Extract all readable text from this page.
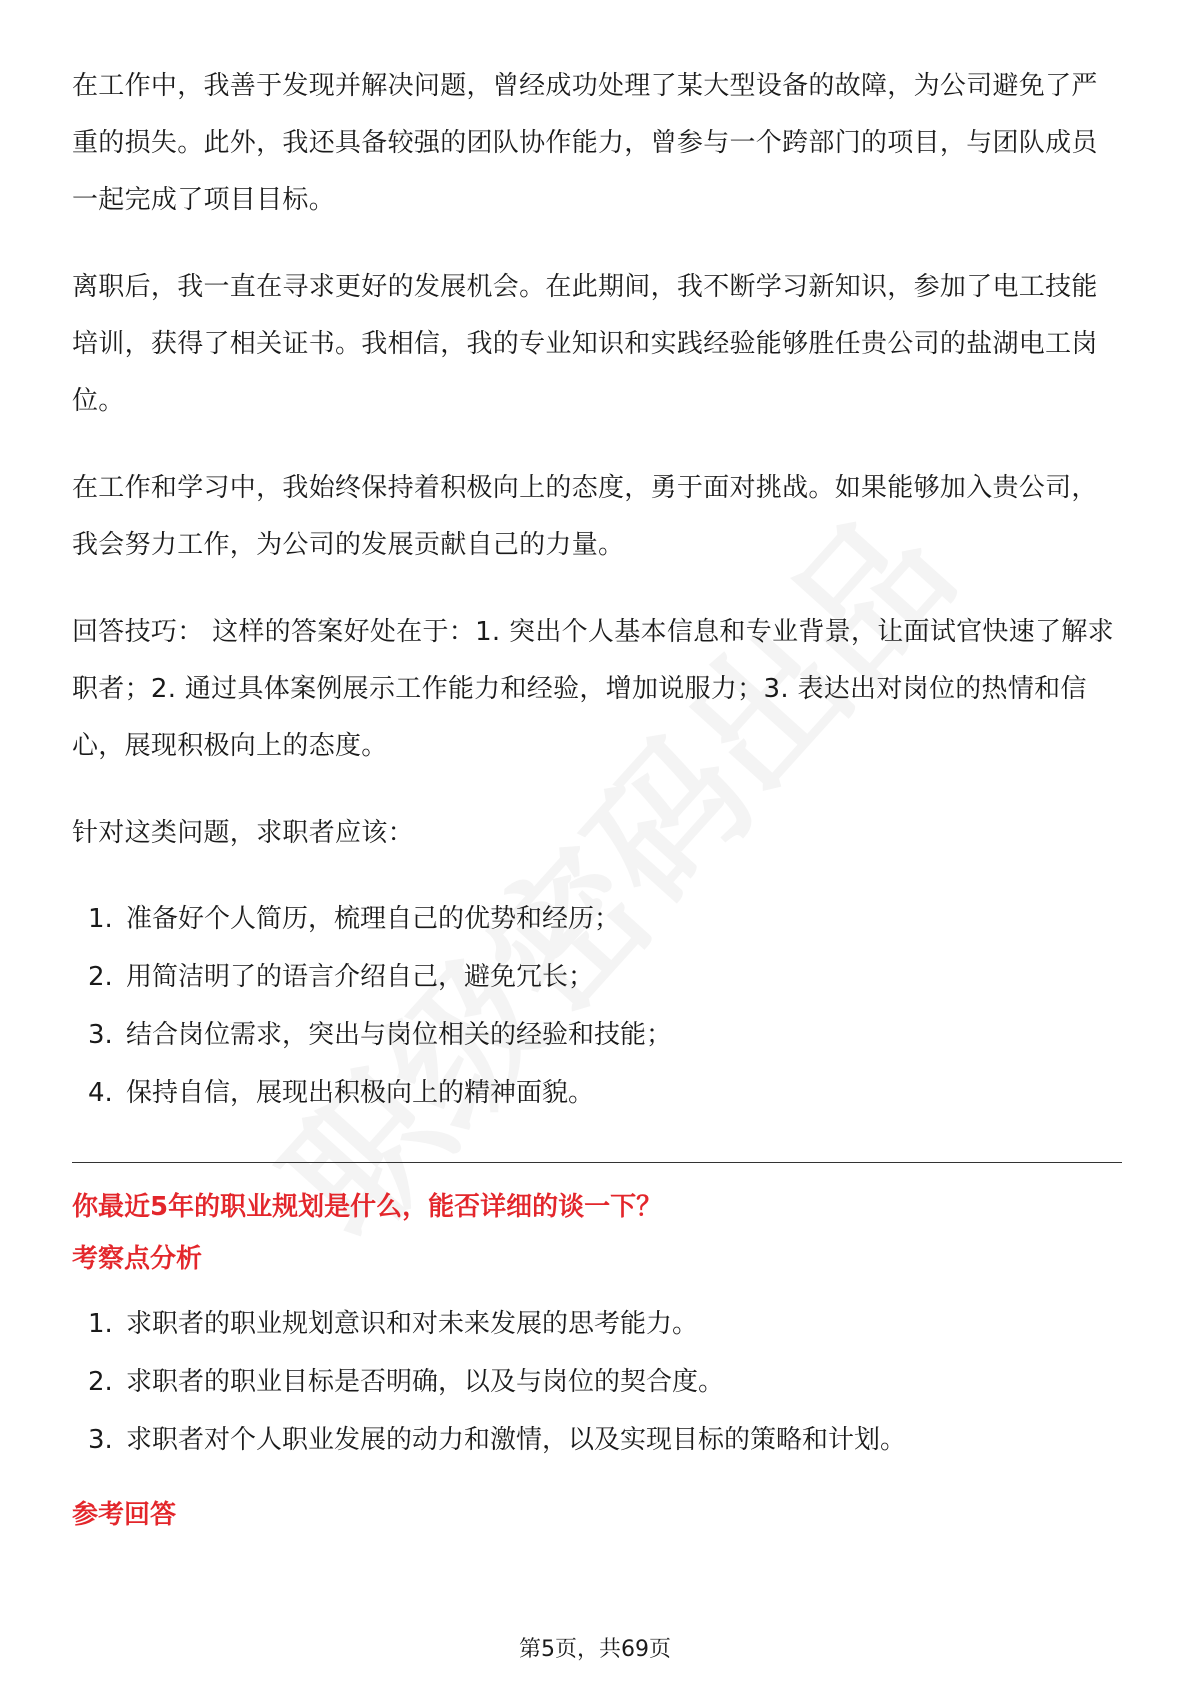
在工作中，我善于发现并解决问题，曾经成功处理了某大型设备的故障，为公司避免了严重的损失。此外，我还具备较强的团队协作能力，曾参与一个跨部门的项目，与团队成员一起完成了项目目标。

离职后，我一直在寻求更好的发展机会。在此期间，我不断学习新知识，参加了电工技能培训，获得了相关证书。我相信，我的专业知识和实践经验能够胜任贵公司的盐湖电工岗位。

在工作和学习中，我始终保持着积极向上的态度，勇于面对挑战。如果能够加入贵公司，我会努力工作，为公司的发展贡献自己的力量。

回答技巧： 这样的答案好处在于：1. 突出个人基本信息和专业背景，让面试官快速了解求职者；2. 通过具体案例展示工作能力和经验，增加说服力；3. 表达出对岗位的热情和信心，展现积极向上的态度。

针对这类问题，求职者应该：

1. 准备好个人简历，梳理自己的优势和经历；
2. 用简洁明了的语言介绍自己，避免冗长；
3. 结合岗位需求，突出与岗位相关的经验和技能；
4. 保持自信，展现出积极向上的精神面貌。

你最近5年的职业规划是什么，能否详细的谈一下？

考察点分析

1. 求职者的职业规划意识和对未来发展的思考能力。
2. 求职者的职业目标是否明确，以及与岗位的契合度。
3. 求职者对个人职业发展的动力和激情，以及实现目标的策略和计划。

参考回答

第5页，共69页
